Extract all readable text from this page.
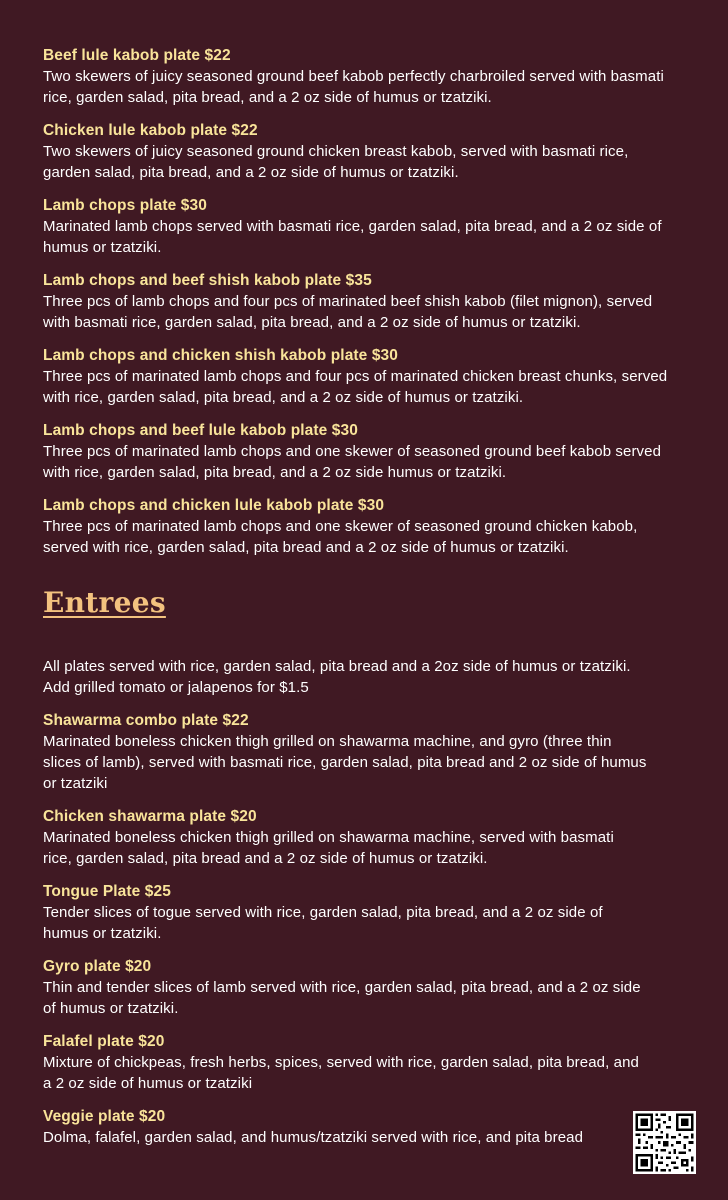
Beef lule kabob plate $22
Two skewers of juicy seasoned ground beef kabob perfectly charbroiled served with basmati
rice, garden salad, pita bread, and a 2 oz side of humus or tzatziki.
Chicken lule kabob plate $22
Two skewers of juicy seasoned ground chicken breast kabob, served with basmati rice,
garden salad, pita bread, and a 2 oz side of humus or tzatziki.
Lamb chops plate $30
Marinated lamb chops served with basmati rice, garden salad, pita bread, and a 2 oz side of
humus or tzatziki.
Lamb chops and beef shish kabob plate $35
Three pcs of lamb chops and four pcs of marinated beef shish kabob (filet mignon), served
with basmati rice, garden salad, pita bread, and a 2 oz side of humus or tzatziki.
Lamb chops and chicken shish kabob plate $30
Three pcs of marinated lamb chops and four pcs of marinated chicken breast chunks, served
with rice, garden salad, pita bread, and a 2 oz side of humus or tzatziki.
Lamb chops and beef lule kabob plate $30
Three pcs of marinated lamb chops and one skewer of seasoned ground beef kabob served
with rice, garden salad, pita bread, and a 2 oz side humus or tzatziki.
Lamb chops and chicken lule kabob plate $30
Three pcs of marinated lamb chops and one skewer of seasoned ground chicken kabob,
served with rice, garden salad, pita bread and a 2 oz side of humus or tzatziki.
Entrees
All plates served with rice, garden salad, pita bread and a 2oz side of humus or tzatziki.
Add grilled tomato or jalapenos for $1.5
Shawarma combo plate $22
Marinated boneless chicken thigh grilled on shawarma machine, and gyro (three thin
slices of lamb), served with basmati rice, garden salad, pita bread and 2 oz side of humus
or tzatziki
Chicken shawarma plate $20
Marinated boneless chicken thigh grilled on shawarma machine, served with basmati
rice, garden salad, pita bread and a 2 oz side of humus or tzatziki.
Tongue Plate $25
Tender slices of togue served with rice, garden salad, pita bread, and a 2 oz side of
humus or tzatziki.
Gyro plate $20
Thin and tender slices of lamb served with rice, garden salad, pita bread, and a 2 oz side
of humus or tzatziki.
Falafel plate $20
Mixture of chickpeas, fresh herbs, spices, served with rice, garden salad, pita bread, and
a 2 oz side of humus or tzatziki
Veggie plate $20
Dolma, falafel, garden salad, and humus/tzatziki served with rice, and pita bread
